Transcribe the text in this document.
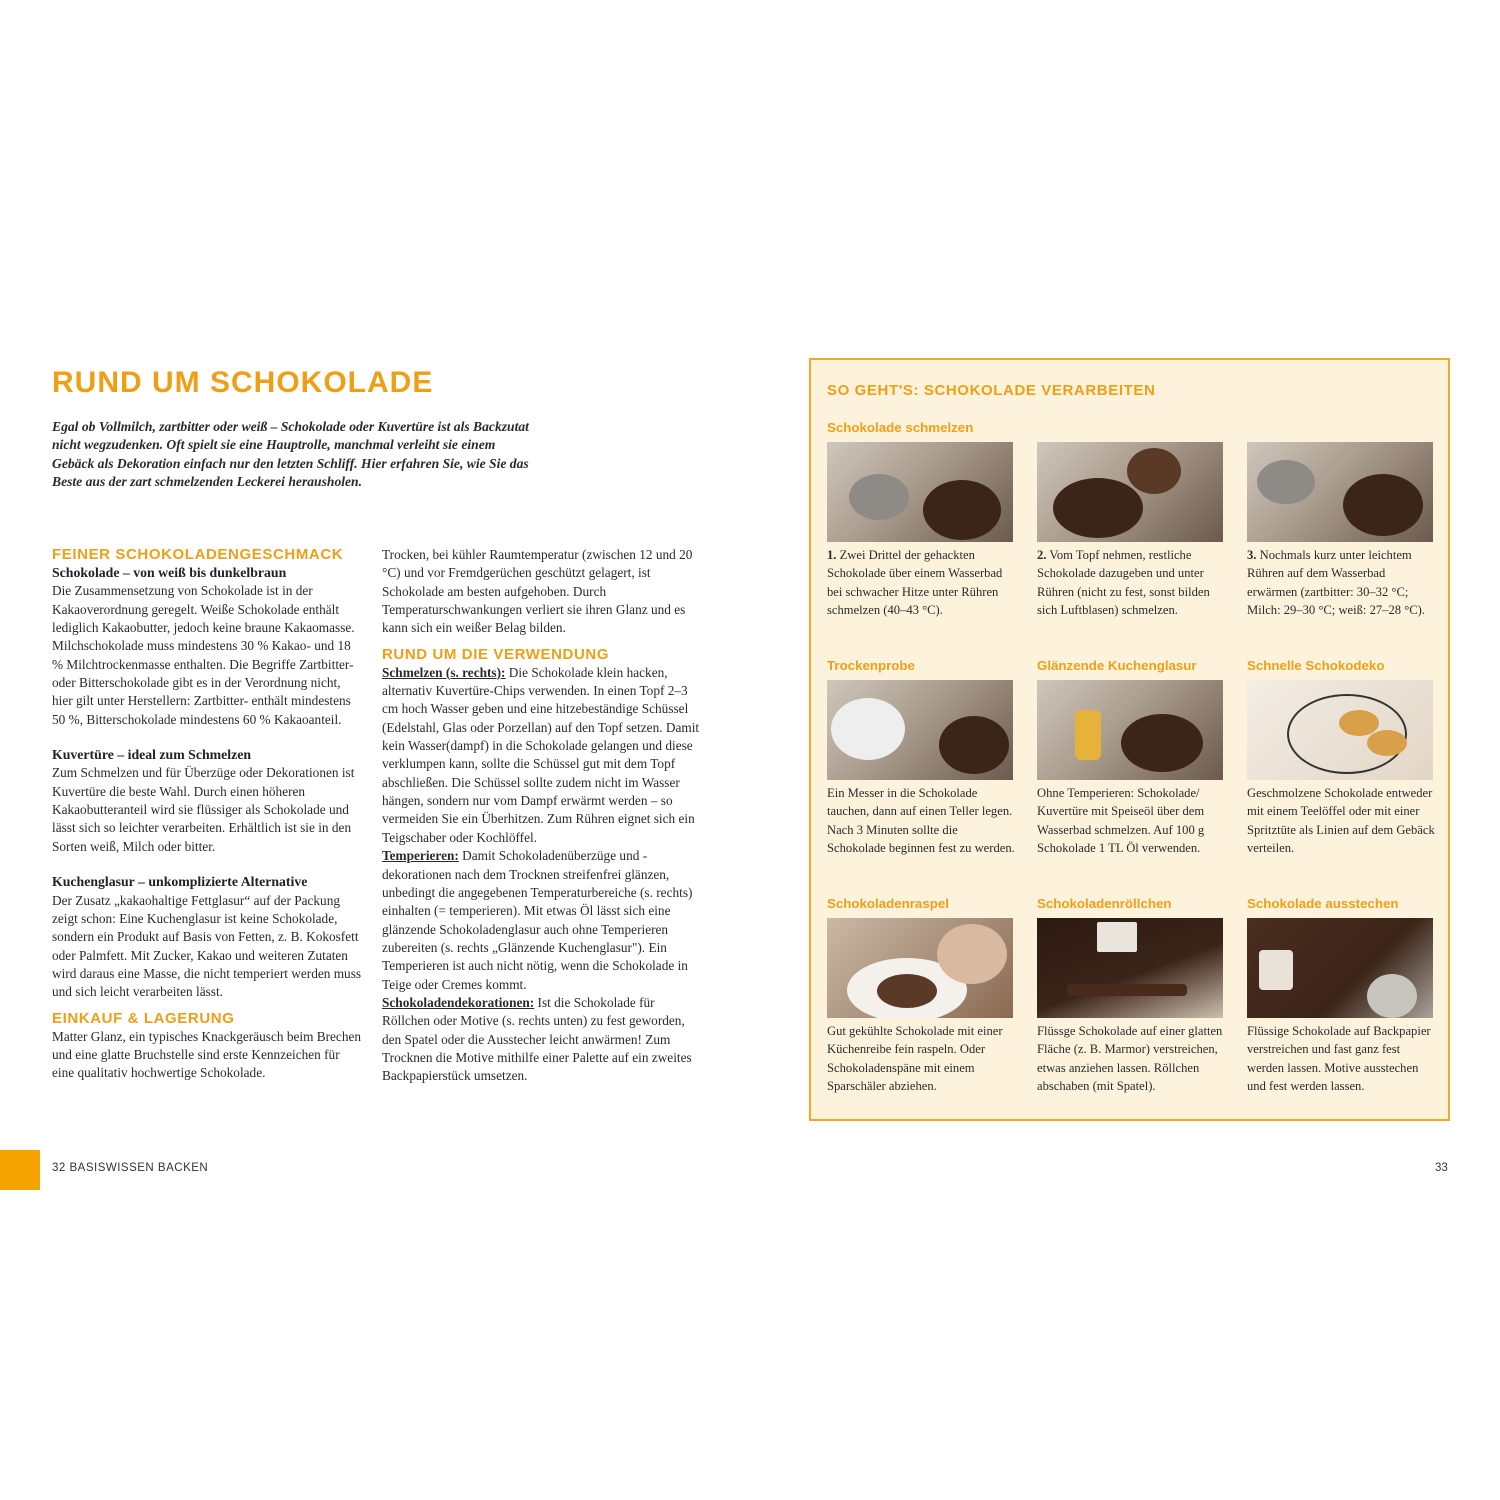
RUND UM SCHOKOLADE
Egal ob Vollmilch, zartbitter oder weiß – Schokolade oder Kuvertüre ist als Backzutat nicht wegzudenken. Oft spielt sie eine Hauptrolle, manchmal verleiht sie einem Gebäck als Dekoration einfach nur den letzten Schliff. Hier erfahren Sie, wie Sie das Beste aus der zart schmelzenden Leckerei herausholen.
FEINER SCHOKOLADENGESCHMACK
Schokolade – von weiß bis dunkelbraun

Die Zusammensetzung von Schokolade ist in der Kakaoverordnung geregelt. Weiße Schokolade enthält lediglich Kakaobutter, jedoch keine braune Kakaomasse. Milchschokolade muss mindestens 30 % Kakao- und 18 % Milchtrockenmasse enthalten. Die Begriffe Zartbitter- oder Bitterschokolade gibt es in der Verordnung nicht, hier gilt unter Herstellern: Zartbitter- enthält mindestens 50 %, Bitterschokolade mindestens 60 % Kakaoanteil.

Kuvertüre – ideal zum Schmelzen

Zum Schmelzen und für Überzüge oder Dekorationen ist Kuvertüre die beste Wahl. Durch einen höheren Kakaobutteranteil wird sie flüssiger als Schokolade und lässt sich so leichter verarbeiten. Erhältlich ist sie in den Sorten weiß, Milch oder bitter.

Kuchenglasur – unkomplizierte Alternative

Der Zusatz „kakaohaltige Fettglasur“ auf der Packung zeigt schon: Eine Kuchenglasur ist keine Schokolade, sondern ein Produkt auf Basis von Fetten, z. B. Kokosfett oder Palmfett. Mit Zucker, Kakao und weiteren Zutaten wird daraus eine Masse, die nicht temperiert werden muss und sich leicht verarbeiten lässt.

EINKAUF & LAGERUNG

Matter Glanz, ein typisches Knackgeräusch beim Brechen und eine glatte Bruchstelle sind erste Kennzeichen für eine qualitativ hochwertige Schokolade.

Trocken, bei kühler Raumtemperatur (zwischen 12 und 20 °C) und vor Fremdgerüchen geschützt gelagert, ist Schokolade am besten aufgehoben. Durch Temperaturschwankungen verliert sie ihren Glanz und es kann sich ein weißer Belag bilden.

RUND UM DIE VERWENDUNG

Schmelzen (s. rechts): Die Schokolade klein hacken, alternativ Kuvertüre-Chips verwenden. In einen Topf 2–3 cm hoch Wasser geben und eine hitzebeständige Schüssel (Edelstahl, Glas oder Porzellan) auf den Topf setzen. Damit kein Wasser(dampf) in die Schokolade gelangen und diese verklumpen kann, sollte die Schüssel gut mit dem Topf abschließen. Die Schüssel sollte zudem nicht im Wasser hängen, sondern nur vom Dampf erwärmt werden – so vermeiden Sie ein Überhitzen. Zum Rühren eignet sich ein Teigschaber oder Kochlöffel.

Temperieren: Damit Schokoladenüberzüge und -dekorationen nach dem Trocknen streifenfrei glänzen, unbedingt die angegebenen Temperaturbereiche (s. rechts) einhalten (= temperieren). Mit etwas Öl lässt sich eine glänzende Schokoladenglasur auch ohne Temperieren zubereiten (s. rechts „Glänzende Kuchenglasur"). Ein Temperieren ist auch nicht nötig, wenn die Schokolade in Teige oder Cremes kommt.

Schokoladendekorationen: Ist die Schokolade für Röllchen oder Motive (s. rechts unten) zu fest geworden, den Spatel oder die Ausstecher leicht anwärmen! Zum Trocknen die Motive mithilfe einer Palette auf ein zweites Backpapierstück umsetzen.

32 BASISWISSEN BACKEN
SO GEHT'S: SCHOKOLADE VERARBEITEN
Schokolade schmelzen
1. Zwei Drittel der gehackten Schokolade über einem Wasserbad bei schwacher Hitze unter Rühren schmelzen (40–43 °C).
2. Vom Topf nehmen, restliche Schokolade dazugeben und unter Rühren (nicht zu fest, sonst bilden sich Luftblasen) schmelzen.
3. Nochmals kurz unter leichtem Rühren auf dem Wasserbad erwärmen (zartbitter: 30–32 °C; Milch: 29–30 °C; weiß: 27–28 °C).
Trockenprobe
Ein Messer in die Schokolade tauchen, dann auf einen Teller legen. Nach 3 Minuten sollte die Schokolade beginnen fest zu werden.
Glänzende Kuchenglasur
Ohne Temperieren: Schokolade/ Kuvertüre mit Speiseöl über dem Wasserbad schmelzen. Auf 100 g Schokolade 1 TL Öl verwenden.
Schnelle Schokodeko
Geschmolzene Schokolade entweder mit einem Teelöffel oder mit einer Spritztüte als Linien auf dem Gebäck verteilen.
Schokoladenraspel
Gut gekühlte Schokolade mit einer Küchenreibe fein raspeln. Oder Schokoladenspäne mit einem Sparschäler abziehen.
Schokoladenröllchen
Flüssge Schokolade auf einer glatten Fläche (z. B. Marmor) verstreichen, etwas anziehen lassen. Röllchen abschaben (mit Spatel).
Schokolade ausstechen
Flüssige Schokolade auf Backpapier verstreichen und fast ganz fest werden lassen. Motive ausstechen und fest werden lassen.
33
